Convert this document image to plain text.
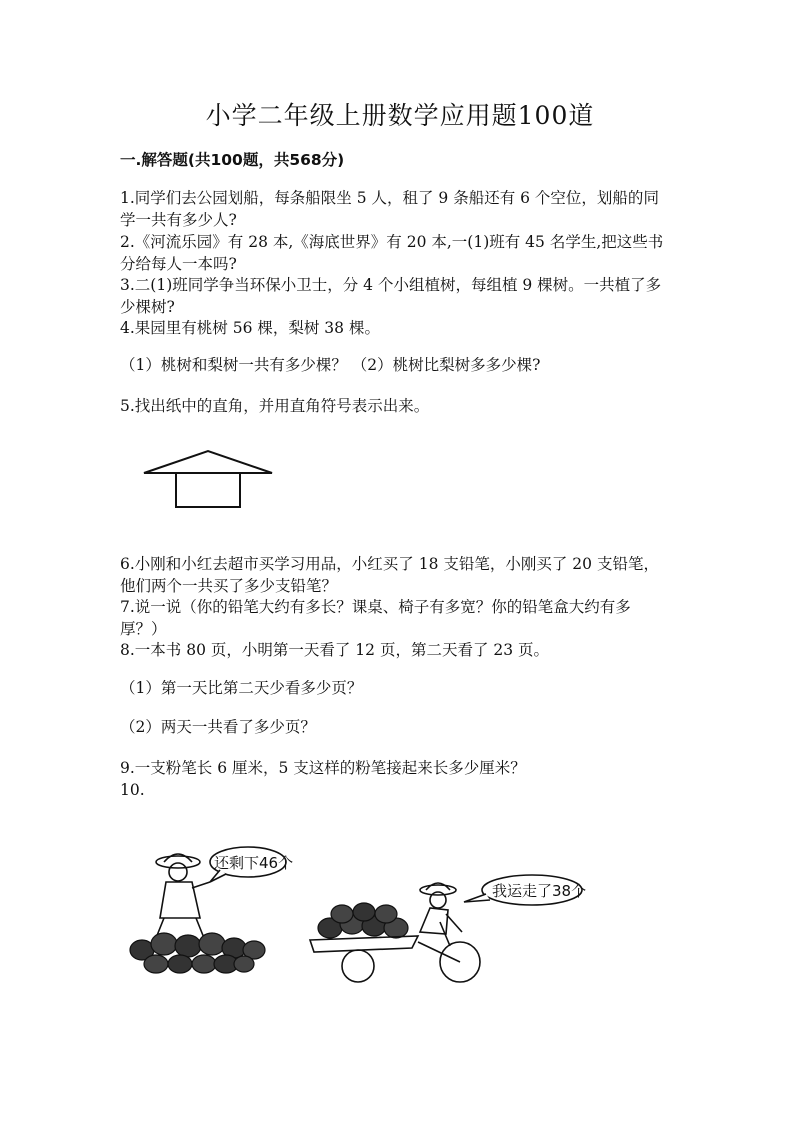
小学二年级上册数学应用题100道
一.解答题(共100题，共568分)
1.同学们去公园划船，每条船限坐 5 人，租了 9 条船还有 6 个空位，划船的同
学一共有多少人?
2.《河流乐园》有 28 本,《海底世界》有 20 本,一(1)班有 45 名学生,把这些书
分给每人一本吗?
3.二(1)班同学争当环保小卫士，分 4 个小组植树，每组植 9 棵树。一共植了多
少棵树?
4.果园里有桃树 56 棵，梨树 38 棵。
（1）桃树和梨树一共有多少棵？ （2）桃树比梨树多多少棵?
5.找出纸中的直角，并用直角符号表示出来。
6.小刚和小红去超市买学习用品，小红买了 18 支铅笔，小刚买了 20 支铅笔，
他们两个一共买了多少支铅笔？
7.说一说（你的铅笔大约有多长？课桌、椅子有多宽？你的铅笔盒大约有多
厚？）
8.一本书 80 页，小明第一天看了 12 页，第二天看了 23 页。
（1）第一天比第二天少看多少页？
（2）两天一共看了多少页？
9.一支粉笔长 6 厘米，5 支这样的粉笔接起来长多少厘米？
10.
还剩下46个
我运走了38个
